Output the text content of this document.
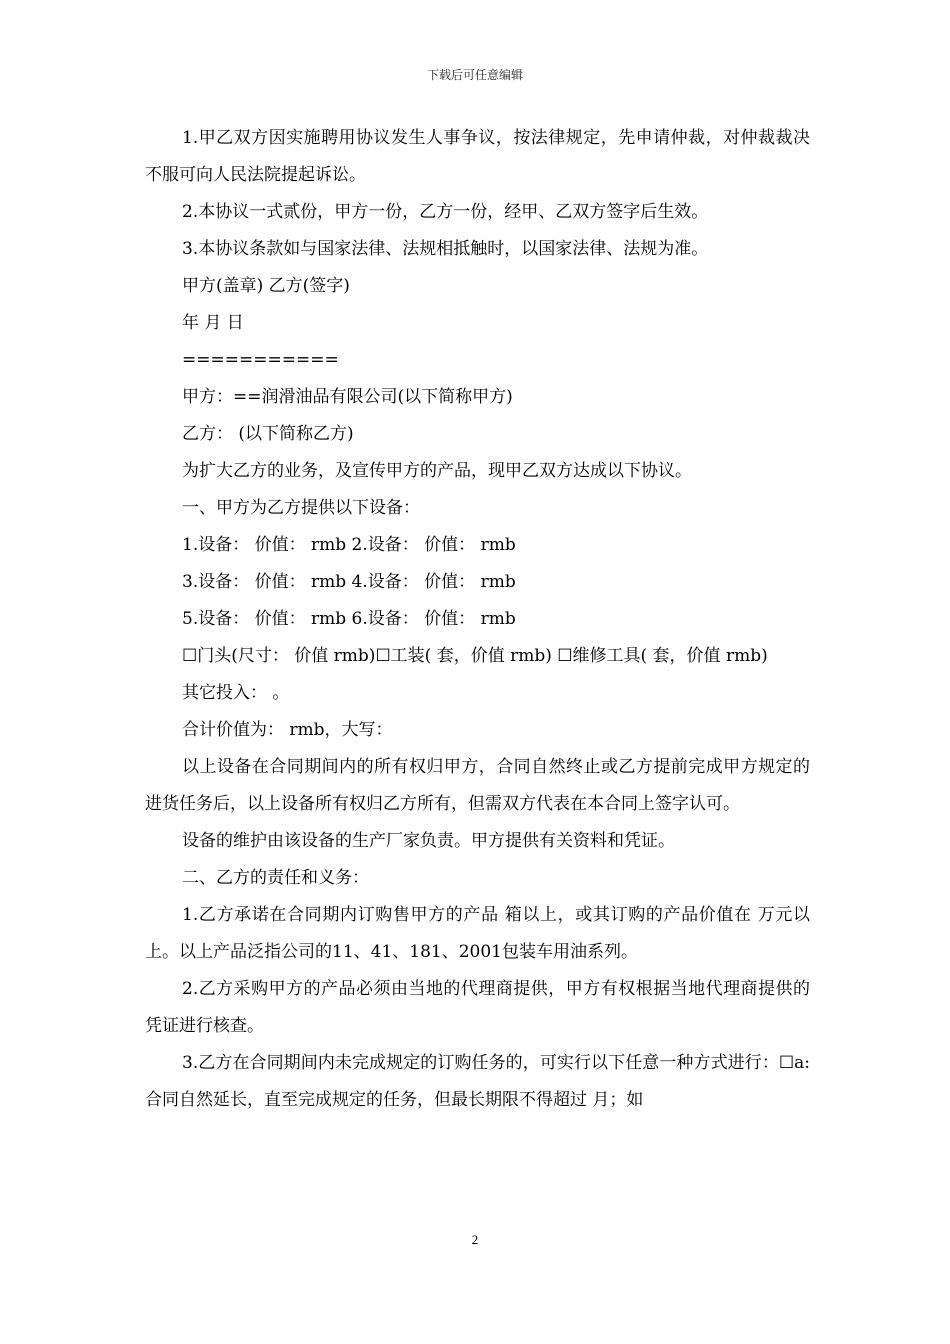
下载后可任意编辑

1.甲乙双方因实施聘用协议发生人事争议，按法律规定，先申请仲裁，对仲裁裁决不服可向人民法院提起诉讼。

2.本协议一式贰份，甲方一份，乙方一份，经甲、乙双方签字后生效。

3.本协议条款如与国家法律、法规相抵触时，以国家法律、法规为准。

甲方(盖章) 乙方(签字)

年 月 日

===========

甲方：==润滑油品有限公司(以下简称甲方)

乙方： (以下简称乙方)

为扩大乙方的业务，及宣传甲方的产品，现甲乙双方达成以下协议。

一、甲方为乙方提供以下设备：

1.设备： 价值： rmb 2.设备： 价值： rmb

3.设备： 价值： rmb 4.设备： 价值： rmb

5.设备： 价值： rmb 6.设备： 价值： rmb

☐门头(尺寸： 价值 rmb)☐工装( 套，价值 rmb) ☐维修工具( 套，价值 rmb)

其它投入： 。

合计价值为： rmb，大写：

以上设备在合同期间内的所有权归甲方，合同自然终止或乙方提前完成甲方规定的进货任务后，以上设备所有权归乙方所有，但需双方代表在本合同上签字认可。

设备的维护由该设备的生产厂家负责。甲方提供有关资料和凭证。

二、乙方的责任和义务：

1.乙方承诺在合同期内订购售甲方的产品 箱以上，或其订购的产品价值在 万元以上。以上产品泛指公司的11、41、181、2001包装车用油系列。

2.乙方采购甲方的产品必须由当地的代理商提供，甲方有权根据当地代理商提供的凭证进行核查。

3.乙方在合同期间内未完成规定的订购任务的，可实行以下任意一种方式进行：☐a:合同自然延长，直至完成规定的任务，但最长期限不得超过 月；如

2
